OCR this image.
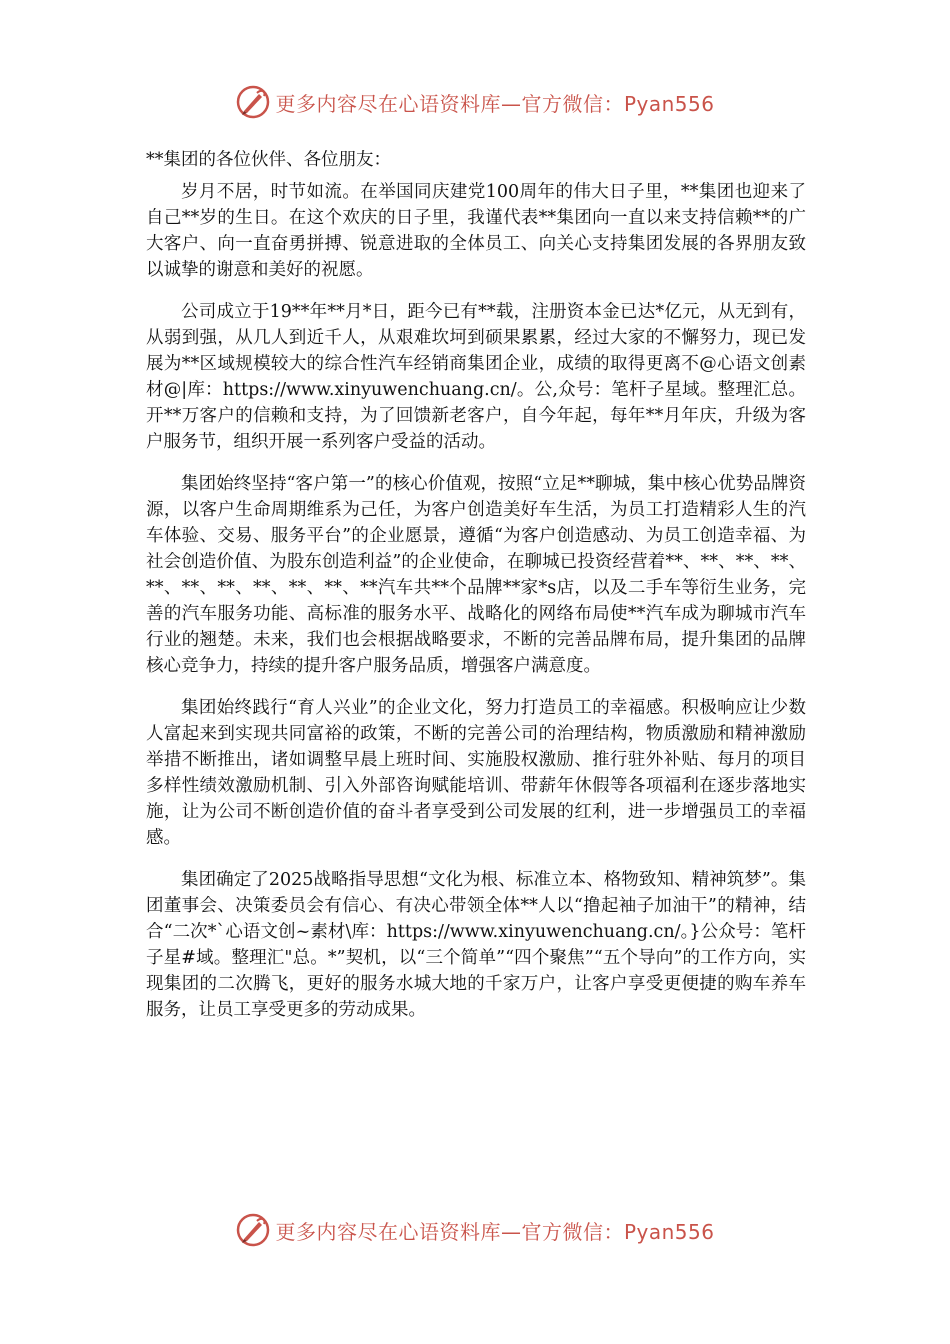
更多内容尽在心语资料库—官方微信：Pyan556

**集团的各位伙伴、各位朋友：

岁月不居，时节如流。在举国同庆建党100周年的伟大日子里，**集团也迎来了自己**岁的生日。在这个欢庆的日子里，我谨代表**集团向一直以来支持信赖**的广大客户、向一直奋勇拼搏、锐意进取的全体员工、向关心支持集团发展的各界朋友致以诚挚的谢意和美好的祝愿。

公司成立于19**年**月*日，距今已有**载，注册资本金已达*亿元，从无到有，从弱到强，从几人到近千人，从艰难坎坷到硕果累累，经过大家的不懈努力，现已发展为**区域规模较大的综合性汽车经销商集团企业，成绩的取得更离不@心语文创素材@|库：https://www.xinyuwenchuang.cn/。公,众号：笔杆子星域。整理汇总。开**万客户的信赖和支持，为了回馈新老客户，自今年起，每年**月年庆，升级为客户服务节，组织开展一系列客户受益的活动。

集团始终坚持“客户第一”的核心价值观，按照“立足**聊城，集中核心优势品牌资源，以客户生命周期维系为己任，为客户创造美好车生活，为员工打造精彩人生的汽车体验、交易、服务平台”的企业愿景，遵循“为客户创造感动、为员工创造幸福、为社会创造价值、为股东创造利益”的企业使命，在聊城已投资经营着**、**、**、**、**、**、**、**、**、**、**汽车共**个品牌**家*s店，以及二手车等衍生业务，完善的汽车服务功能、高标准的服务水平、战略化的网络布局使**汽车成为聊城市汽车行业的翘楚。未来，我们也会根据战略要求，不断的完善品牌布局，提升集团的品牌核心竞争力，持续的提升客户服务品质，增强客户满意度。

集团始终践行“育人兴业”的企业文化，努力打造员工的幸福感。积极响应让少数人富起来到实现共同富裕的政策，不断的完善公司的治理结构，物质激励和精神激励举措不断推出，诸如调整早晨上班时间、实施股权激励、推行驻外补贴、每月的项目多样性绩效激励机制、引入外部咨询赋能培训、带薪年休假等各项福利在逐步落地实施，让为公司不断创造价值的奋斗者享受到公司发展的红利，进一步增强员工的幸福感。

集团确定了2025战略指导思想“文化为根、标准立本、格物致知、精神筑梦”。集团董事会、决策委员会有信心、有决心带领全体**人以“撸起袖子加油干”的精神，结合“二次*`心语文创~素材\库：https://www.xinyuwenchuang.cn/。}公众号：笔杆子星#域。整理汇"总。*”契机，以“三个简单”“四个聚焦”“五个导向”的工作方向，实现集团的二次腾飞，更好的服务水城大地的千家万户，让客户享受更便捷的购车养车服务，让员工享受更多的劳动成果。

更多内容尽在心语资料库—官方微信：Pyan556
